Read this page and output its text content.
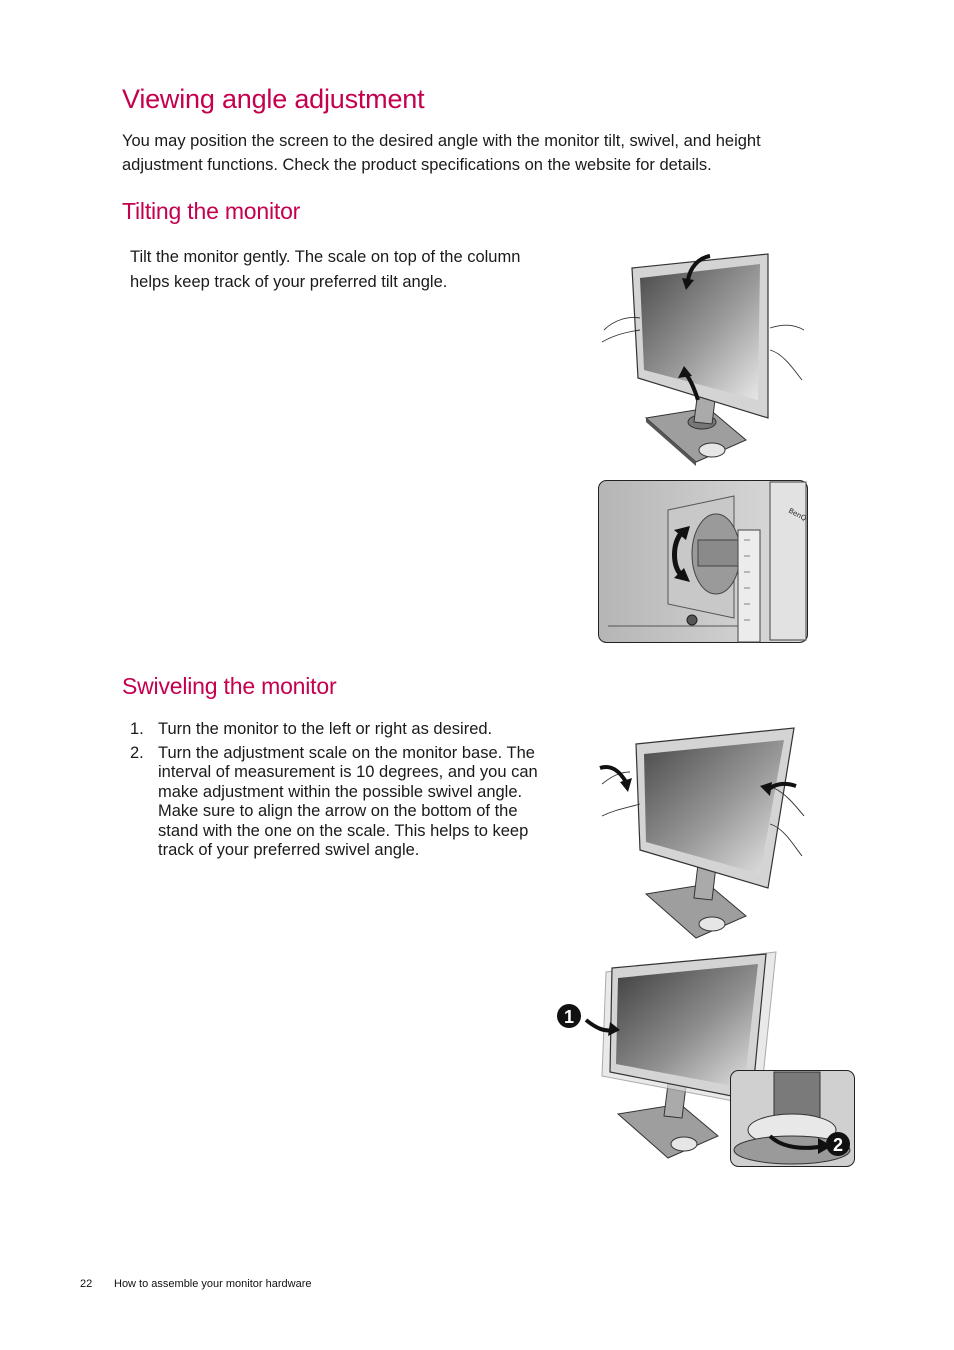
Viewing angle adjustment

You may position the screen to the desired angle with the monitor tilt, swivel, and height adjustment functions. Check the product specifications on the website for details.

Tilting the monitor

Tilt the monitor gently. The scale on top of the column helps keep track of your preferred tilt angle.

BenQ
Swiveling the monitor
1. Turn the monitor to the left or right as desired.
2. Turn the adjustment scale on the monitor base. The interval of measurement is 10 degrees, and you can make adjustment within the possible swivel angle. Make sure to align the arrow on the bottom of the stand with the one on the scale. This helps to keep track of your preferred swivel angle.
1
2
22 How to assemble your monitor hardware
